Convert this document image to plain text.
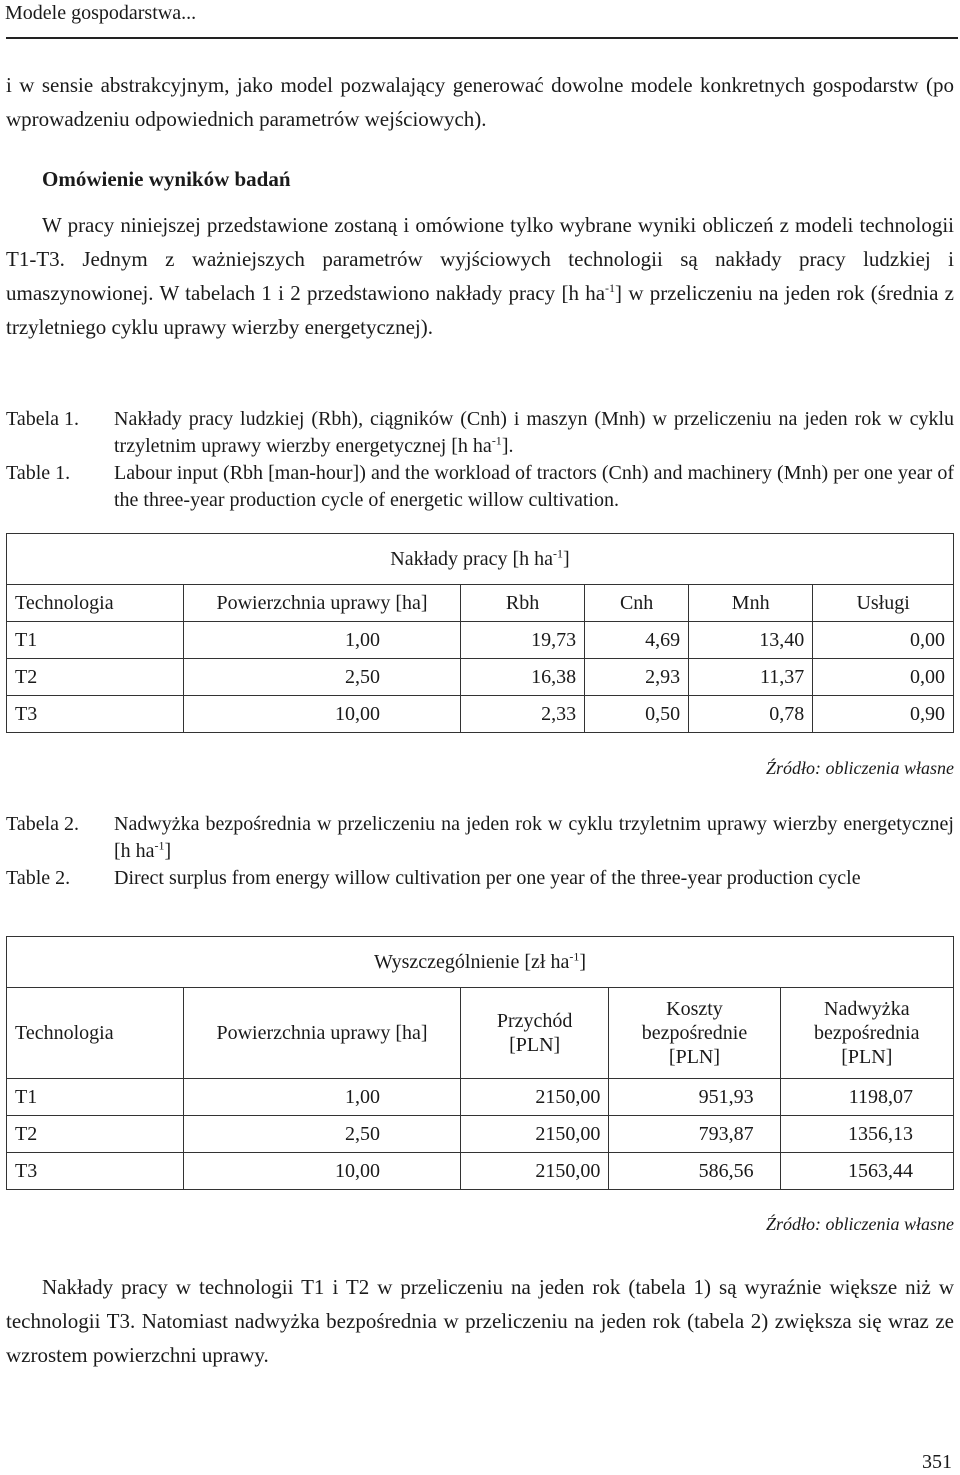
Modele gospodarstwa...

i w sensie abstrakcyjnym, jako model pozwalający generować dowolne modele konkretnych gospodarstw (po wprowadzeniu odpowiednich parametrów wejściowych).

Omówienie wyników badań

W pracy niniejszej przedstawione zostaną i omówione tylko wybrane wyniki obliczeń z modeli technologii T1-T3. Jednym z ważniejszych parametrów wyjściowych technologii są nakłady pracy ludzkiej i umaszynowionej. W tabelach 1 i 2 przedstawiono nakłady pracy [h $ha^{-1}$] w przeliczeniu na jeden rok (średnia z trzyletniego cyklu uprawy wierzby energetycznej).

Tabela 1.	Nakłady pracy ludzkiej (Rbh), ciągników (Cnh) i maszyn (Mnh) w przeliczeniu na jeden rok w cyklu trzyletnim uprawy wierzby energetycznej [h $ha^{-1}$].
Table 1.	Labour input (Rbh [man-hour]) and the workload of tractors (Cnh) and machinery (Mnh) per one year of the three-year production cycle of energetic willow cultivation.
Nakłady pracy [h $ha^{-1}$]					
Technologia	Powierzchnia uprawy [ha]	Rbh	Cnh	Mnh	Usługi
T1	1,00	19,73	4,69	13,40	0,00
T2	2,50	16,38	2,93	11,37	0,00
T3	10,00	2,33	0,50	0,78	0,90
Źródło: obliczenia własne
Tabela 2.	Nadwyżka bezpośrednia w przeliczeniu na jeden rok w cyklu trzyletnim uprawy wierzby energetycznej [h $ha^{-1}$]
Table 2.	Direct surplus from energy willow cultivation per one year of the three-year production cycle
Wyszczególnienie [zł $ha^{-1}$]				
Technologia	Powierzchnia uprawy [ha]	Przychód [PLN]	Koszty bezpośrednie [PLN]	Nadwyżka bezpośrednia [PLN]
T1	1,00	2150,00	951,93	1198,07
T2	2,50	2150,00	793,87	1356,13
T3	10,00	2150,00	586,56	1563,44
Źródło: obliczenia własne

Nakłady pracy w technologii T1 i T2 w przeliczeniu na jeden rok (tabela 1) są wyraźnie większe niż w technologii T3. Natomiast nadwyżka bezpośrednia w przeliczeniu na jeden rok (tabela 2) zwiększa się wraz ze wzrostem powierzchni uprawy.

351
